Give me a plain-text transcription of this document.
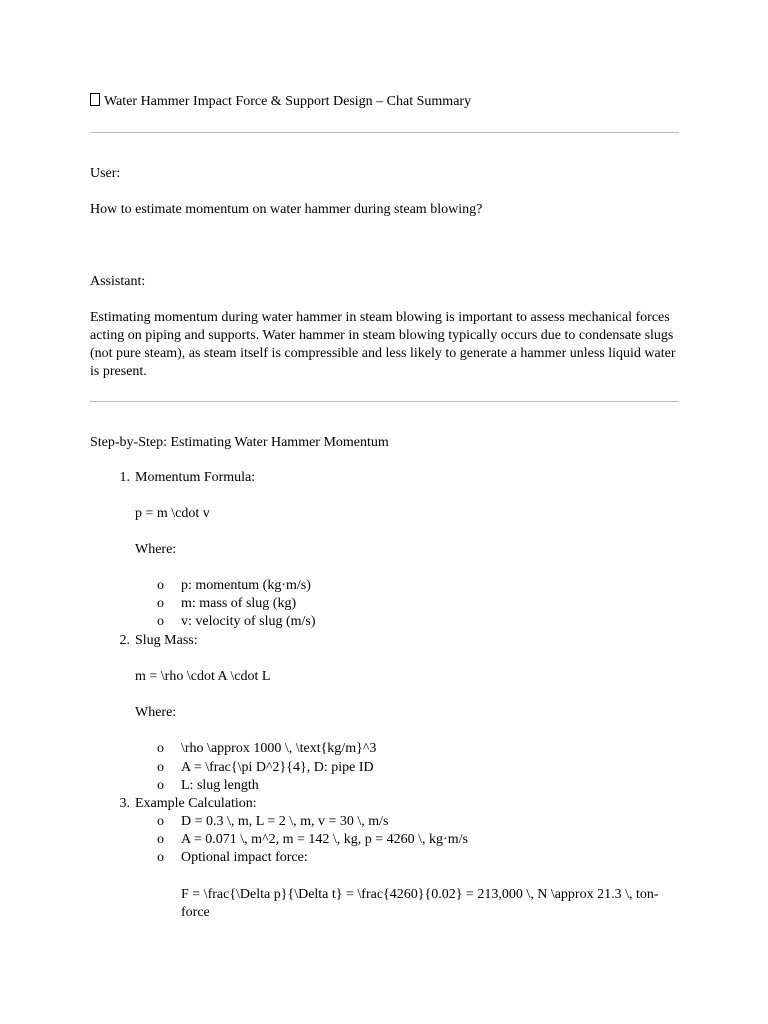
Water Hammer Impact Force & Support Design – Chat Summary
User:
How to estimate momentum on water hammer during steam blowing?
Assistant:
Estimating momentum during water hammer in steam blowing is important to assess mechanical forces acting on piping and supports. Water hammer in steam blowing typically occurs due to condensate slugs (not pure steam), as steam itself is compressible and less likely to generate a hammer unless liquid water is present.
Step-by-Step: Estimating Water Hammer Momentum
1. Momentum Formula:
p = m \cdot v
Where:
o p: momentum (kg·m/s)
o m: mass of slug (kg)
o v: velocity of slug (m/s)
2. Slug Mass:
m = \rho \cdot A \cdot L
Where:
o \rho \approx 1000 \, \text{kg/m}^3
o A = \frac{\pi D^2}{4}, D: pipe ID
o L: slug length
3. Example Calculation:
o D = 0.3 \, m, L = 2 \, m, v = 30 \, m/s
o A = 0.071 \, m^2, m = 142 \, kg, p = 4260 \, kg·m/s
o Optional impact force:
F = \frac{\Delta p}{\Delta t} = \frac{4260}{0.02} = 213,000 \, N \approx 21.3 \, ton-force
